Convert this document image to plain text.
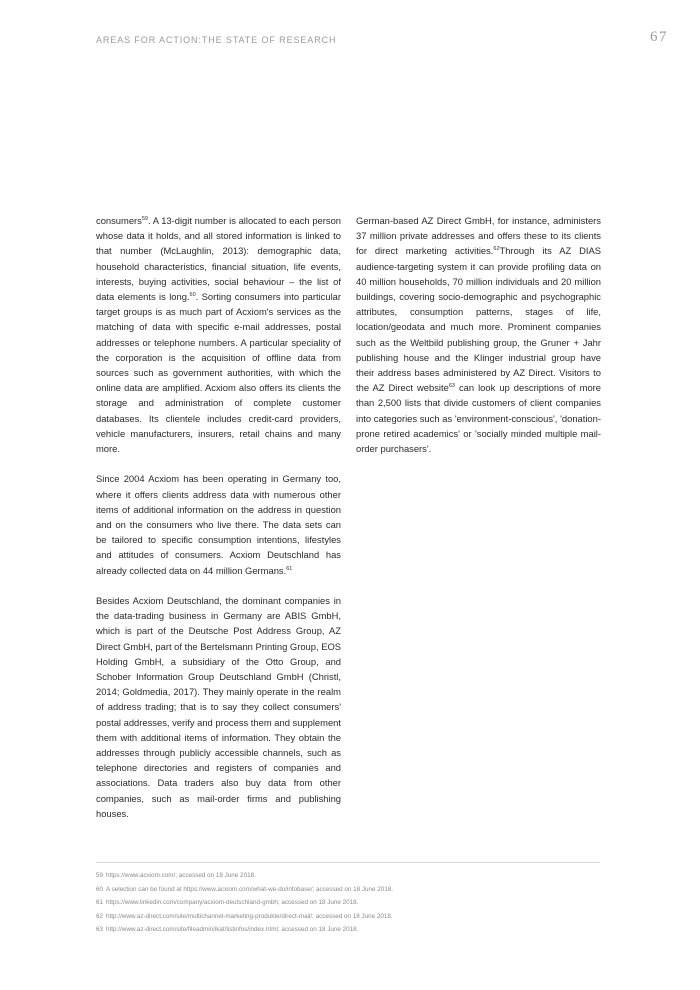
AREAS FOR ACTION:THE STATE OF RESEARCH	67

consumers$^{59}$. A 13-digit number is allocated to each person whose data it holds, and all stored information is linked to that number (McLaughlin, 2013): demographic data, household characteristics, financial situation, life events, interests, buying activities, social behaviour – the list of data elements is long.$^{60}$. Sorting consumers into particular target groups is as much part of Acxiom's services as the matching of data with specific e-mail addresses, postal addresses or telephone numbers. A particular speciality of the corporation is the acquisition of offline data from sources such as government authorities, with which the online data are amplified. Acxiom also offers its clients the storage and administration of complete customer databases. Its clientele includes credit-card providers, vehicle manufacturers, insurers, retail chains and many more.

Since 2004 Acxiom has been operating in Germany too, where it offers clients address data with numerous other items of additional information on the address in question and on the consumers who live there. The data sets can be tailored to specific consumption intentions, lifestyles and attitudes of consumers. Acxiom Deutschland has already collected data on 44 million Germans.$^{61}$

Besides Acxiom Deutschland, the dominant companies in the data-trading business in Germany are ABIS GmbH, which is part of the Deutsche Post Address Group, AZ Direct GmbH, part of the Bertelsmann Printing Group, EOS Holding GmbH, a subsidiary of the Otto Group, and Schober Information Group Deutschland GmbH (Christl, 2014; Goldmedia, 2017). They mainly operate in the realm of address trading; that is to say they collect consumers' postal addresses, verify and process them and supplement them with additional items of information. They obtain the addresses through publicly accessible channels, such as telephone directories and registers of companies and associations. Data traders also buy data from other companies, such as mail-order firms and publishing houses.

German-based AZ Direct GmbH, for instance, administers 37 million private addresses and offers these to its clients for direct marketing activities.$^{62}$Through its AZ DIAS audience-targeting system it can provide profiling data on 40 million households, 70 million individuals and 20 million buildings, covering socio-demographic and psychographic attributes, consumption patterns, stages of life, location/geodata and much more. Prominent companies such as the Weltbild publishing group, the Gruner + Jahr publishing house and the Klinger industrial group have their address bases administered by AZ Direct. Visitors to the AZ Direct website$^{63}$ can look up descriptions of more than 2,500 lists that divide customers of client companies into categories such as 'environment-conscious', 'donation-prone retired academics' or 'socially minded multiple mail-order purchasers'.

59 https://www.acxiom.com/; accessed on 18 June 2018.
60 A selection can be found at https://www.acxiom.com/what-we-do/infobase/; accessed on 18 June 2018.
61 https://www.linkedin.com/company/acxiom-deutschland-gmbh; accessed on 18 June 2018.
62 http://www.az-direct.com/site/multichannel-marketing-produkte/direct-mail/; accessed on 18 June 2018.
63 http://www.az-direct.com/site/fileadmin/ikat/listinfos/index.html; accessed on 18 June 2018.
